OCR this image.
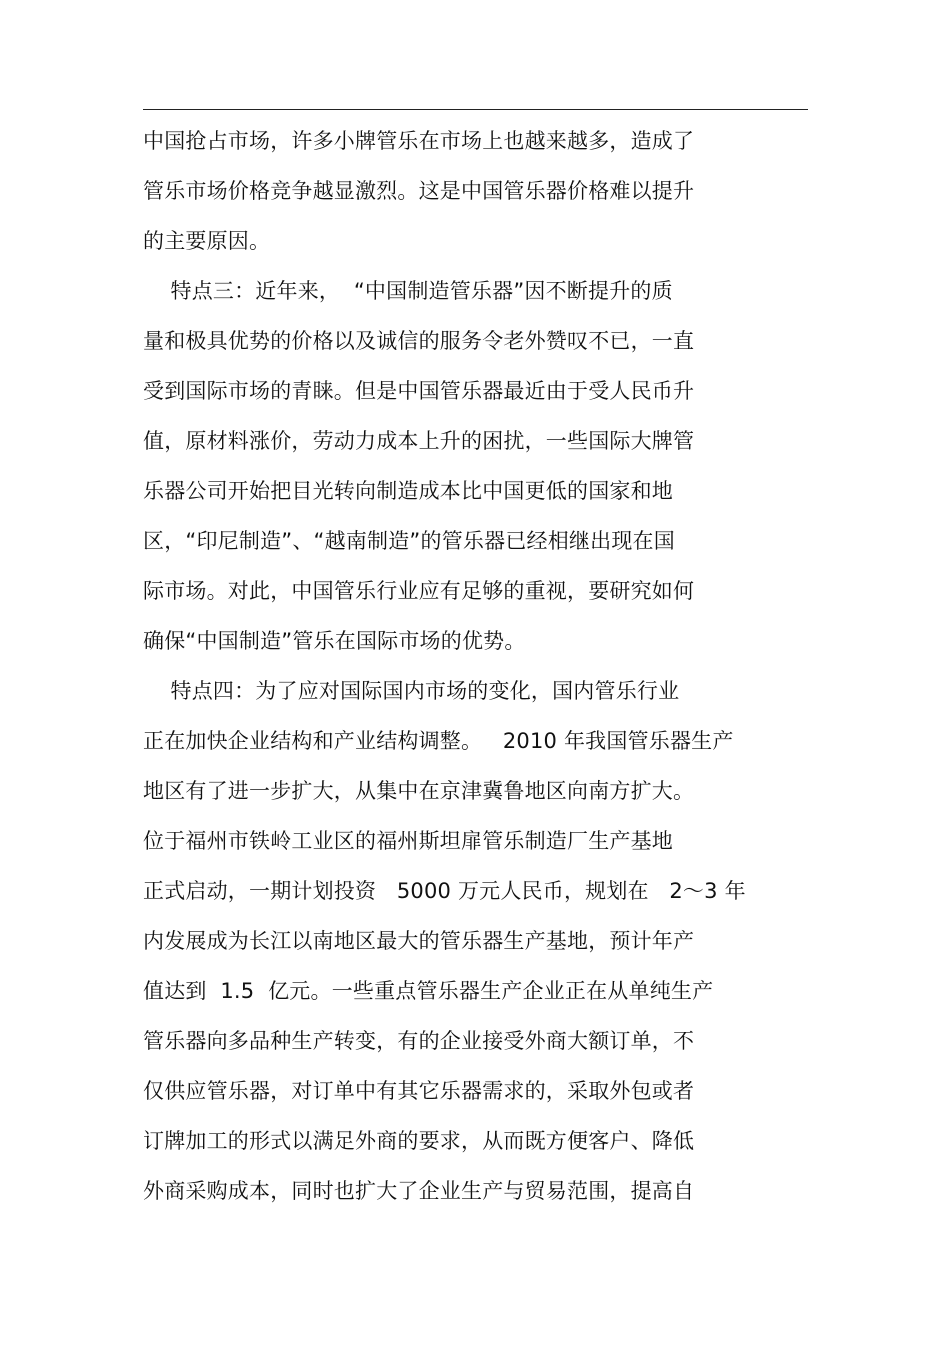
中国抢占市场，许多小牌管乐在市场上也越来越多，造成了
管乐市场价格竞争越显激烈。这是中国管乐器价格难以提升
的主要原因。
特点三：近年来，  “中国制造管乐器”因不断提升的质
量和极具优势的价格以及诚信的服务令老外赞叹不已，一直
受到国际市场的青睐。但是中国管乐器最近由于受人民币升
值，原材料涨价，劳动力成本上升的困扰，一些国际大牌管
乐器公司开始把目光转向制造成本比中国更低的国家和地
区，“印尼制造”、“越南制造”的管乐器已经相继出现在国
际市场。对此，中国管乐行业应有足够的重视，要研究如何
确保“中国制造”管乐在国际市场的优势。
特点四：为了应对国际国内市场的变化，国内管乐行业
正在加快企业结构和产业结构调整。   2010 年我国管乐器生产
地区有了进一步扩大，从集中在京津冀鲁地区向南方扩大。
位于福州市铁岭工业区的福州斯坦扉管乐制造厂生产基地
正式启动，一期计划投资   5000 万元人民币，规划在   2～3 年
内发展成为长江以南地区最大的管乐器生产基地，预计年产
值达到  1.5  亿元。一些重点管乐器生产企业正在从单纯生产
管乐器向多品种生产转变，有的企业接受外商大额订单，不
仅供应管乐器，对订单中有其它乐器需求的，采取外包或者
订牌加工的形式以满足外商的要求，从而既方便客户、降低
外商采购成本，同时也扩大了企业生产与贸易范围，提高自
